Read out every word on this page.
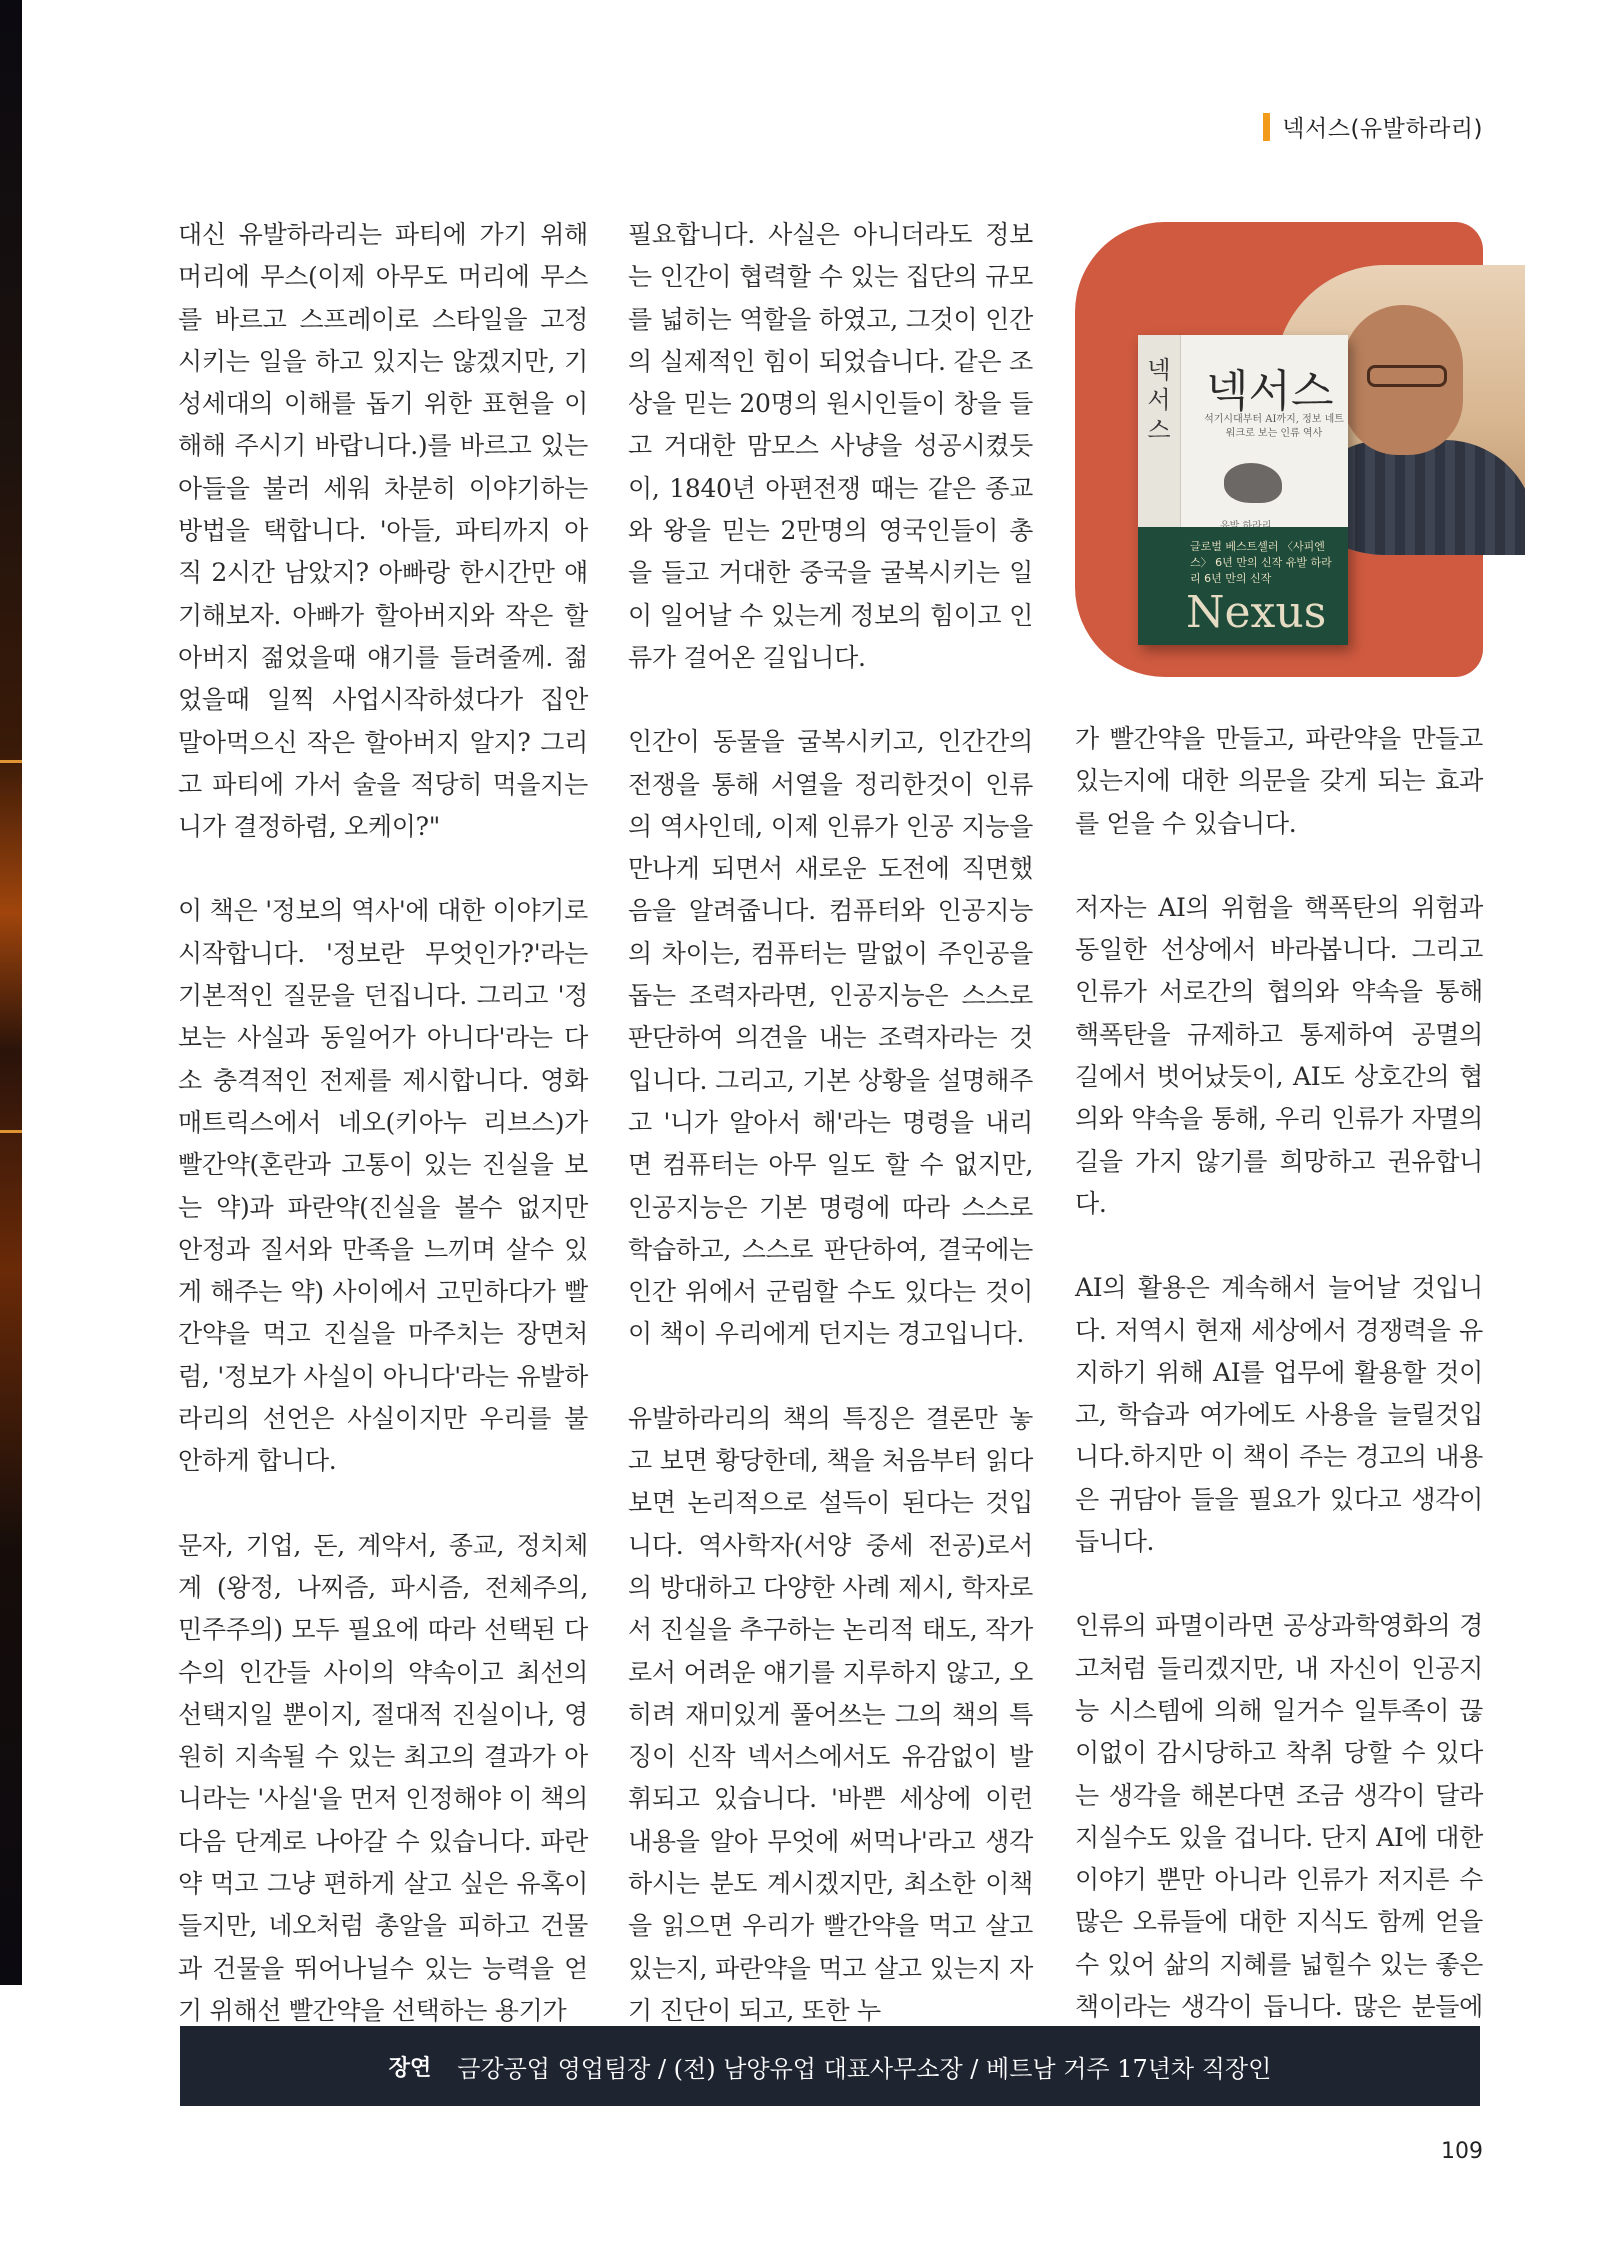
넥서스(유발하라리)

대신 유발하라리는 파티에 가기 위해 머리에 무스(이제 아무도 머리에 무스를 바르고 스프레이로 스타일을 고정시키는 일을 하고 있지는 않겠지만, 기성세대의 이해를 돕기 위한 표현을 이해해 주시기 바랍니다.)를 바르고 있는 아들을 불러 세워 차분히 이야기하는 방법을 택합니다. '아들, 파티까지 아직 2시간 남았지? 아빠랑 한시간만 얘기해보자. 아빠가 할아버지와 작은 할아버지 젊었을때 얘기를 들려줄께. 젊었을때 일찍 사업시작하셨다가 집안 말아먹으신 작은 할아버지 알지? 그리고 파티에 가서 술을 적당히 먹을지는 니가 결정하렴, 오케이?"

이 책은 '정보의 역사'에 대한 이야기로 시작합니다. '정보란 무엇인가?'라는 기본적인 질문을 던집니다. 그리고 '정보는 사실과 동일어가 아니다'라는 다소 충격적인 전제를 제시합니다. 영화 매트릭스에서 네오(키아누 리브스)가 빨간약(혼란과 고통이 있는 진실을 보는 약)과 파란약(진실을 볼수 없지만 안정과 질서와 만족을 느끼며 살수 있게 해주는 약) 사이에서 고민하다가 빨간약을 먹고 진실을 마주치는 장면처럼, '정보가 사실이 아니다'라는 유발하라리의 선언은 사실이지만 우리를 불안하게 합니다.

문자, 기업, 돈, 계약서, 종교, 정치체계 (왕정, 나찌즘, 파시즘, 전체주의, 민주주의) 모두 필요에 따라 선택된 다수의 인간들 사이의 약속이고 최선의 선택지일 뿐이지, 절대적 진실이나, 영원히 지속될 수 있는 최고의 결과가 아니라는 '사실'을 먼저 인정해야 이 책의 다음 단계로 나아갈 수 있습니다. 파란약 먹고 그냥 편하게 살고 싶은 유혹이 들지만, 네오처럼 총알을 피하고 건물과 건물을 뛰어나닐수 있는 능력을 얻기 위해선 빨간약을 선택하는 용기가

필요합니다. 사실은 아니더라도 정보는 인간이 협력할 수 있는 집단의 규모를 넓히는 역할을 하였고, 그것이 인간의 실제적인 힘이 되었습니다. 같은 조상을 믿는 20명의 원시인들이 창을 들고 거대한 맘모스 사냥을 성공시켰듯이, 1840년 아편전쟁 때는 같은 종교와 왕을 믿는 2만명의 영국인들이 총을 들고 거대한 중국을 굴복시키는 일이 일어날 수 있는게 정보의 힘이고 인류가 걸어온 길입니다.

인간이 동물을 굴복시키고, 인간간의 전쟁을 통해 서열을 정리한것이 인류의 역사인데, 이제 인류가 인공 지능을 만나게 되면서 새로운 도전에 직면했음을 알려줍니다. 컴퓨터와 인공지능의 차이는, 컴퓨터는 말없이 주인공을 돕는 조력자라면, 인공지능은 스스로 판단하여 의견을 내는 조력자라는 것입니다. 그리고, 기본 상황을 설명해주고 '니가 알아서 해'라는 명령을 내리면 컴퓨터는 아무 일도 할 수 없지만, 인공지능은 기본 명령에 따라 스스로 학습하고, 스스로 판단하여, 결국에는 인간 위에서 군림할 수도 있다는 것이 이 책이 우리에게 던지는 경고입니다.

유발하라리의 책의 특징은 결론만 놓고 보면 황당한데, 책을 처음부터 읽다보면 논리적으로 설득이 된다는 것입니다. 역사학자(서양 중세 전공)로서의 방대하고 다양한 사례 제시, 학자로서 진실을 추구하는 논리적 태도, 작가로서 어려운 얘기를 지루하지 않고, 오히려 재미있게 풀어쓰는 그의 책의 특징이 신작 넥서스에서도 유감없이 발휘되고 있습니다. '바쁜 세상에 이런 내용을 알아 무엇에 써먹나'라고 생각하시는 분도 계시겠지만, 최소한 이책을 읽으면 우리가 빨간약을 먹고 살고 있는지, 파란약을 먹고 살고 있는지 자기 진단이 되고, 또한 누

넥서스
넥서스
석기시대부터 AI까지, 정보 네트워크로 보는 인류 역사
글로벌 베스트셀러 〈사피엔스〉 6년 만의 신작 유발 하라리 6년 만의 신작
Nexus

가 빨간약을 만들고, 파란약을 만들고 있는지에 대한 의문을 갖게 되는 효과를 얻을 수 있습니다.

저자는 AI의 위험을 핵폭탄의 위험과 동일한 선상에서 바라봅니다. 그리고 인류가 서로간의 협의와 약속을 통해 핵폭탄을 규제하고 통제하여 공멸의 길에서 벗어났듯이, AI도 상호간의 협의와 약속을 통해, 우리 인류가 자멸의 길을 가지 않기를 희망하고 권유합니다.

AI의 활용은 계속해서 늘어날 것입니다. 저역시 현재 세상에서 경쟁력을 유지하기 위해 AI를 업무에 활용할 것이고, 학습과 여가에도 사용을 늘릴것입니다.하지만 이 책이 주는 경고의 내용은 귀담아 들을 필요가 있다고 생각이 듭니다.

인류의 파멸이라면 공상과학영화의 경고처럼 들리겠지만, 내 자신이 인공지능 시스템에 의해 일거수 일투족이 끊이없이 감시당하고 착취 당할 수 있다는 생각을 해본다면 조금 생각이 달라지실수도 있을 겁니다. 단지 AI에 대한 이야기 뿐만 아니라 인류가 저지른 수 많은 오류들에 대한 지식도 함께 얻을 수 있어 삶의 지혜를 넓힐수 있는 좋은 책이라는 생각이 듭니다. 많은 분들에

장연 금강공업 영업팀장 / (전) 남양유업 대표사무소장 / 베트남 거주 17년차 직장인
109
